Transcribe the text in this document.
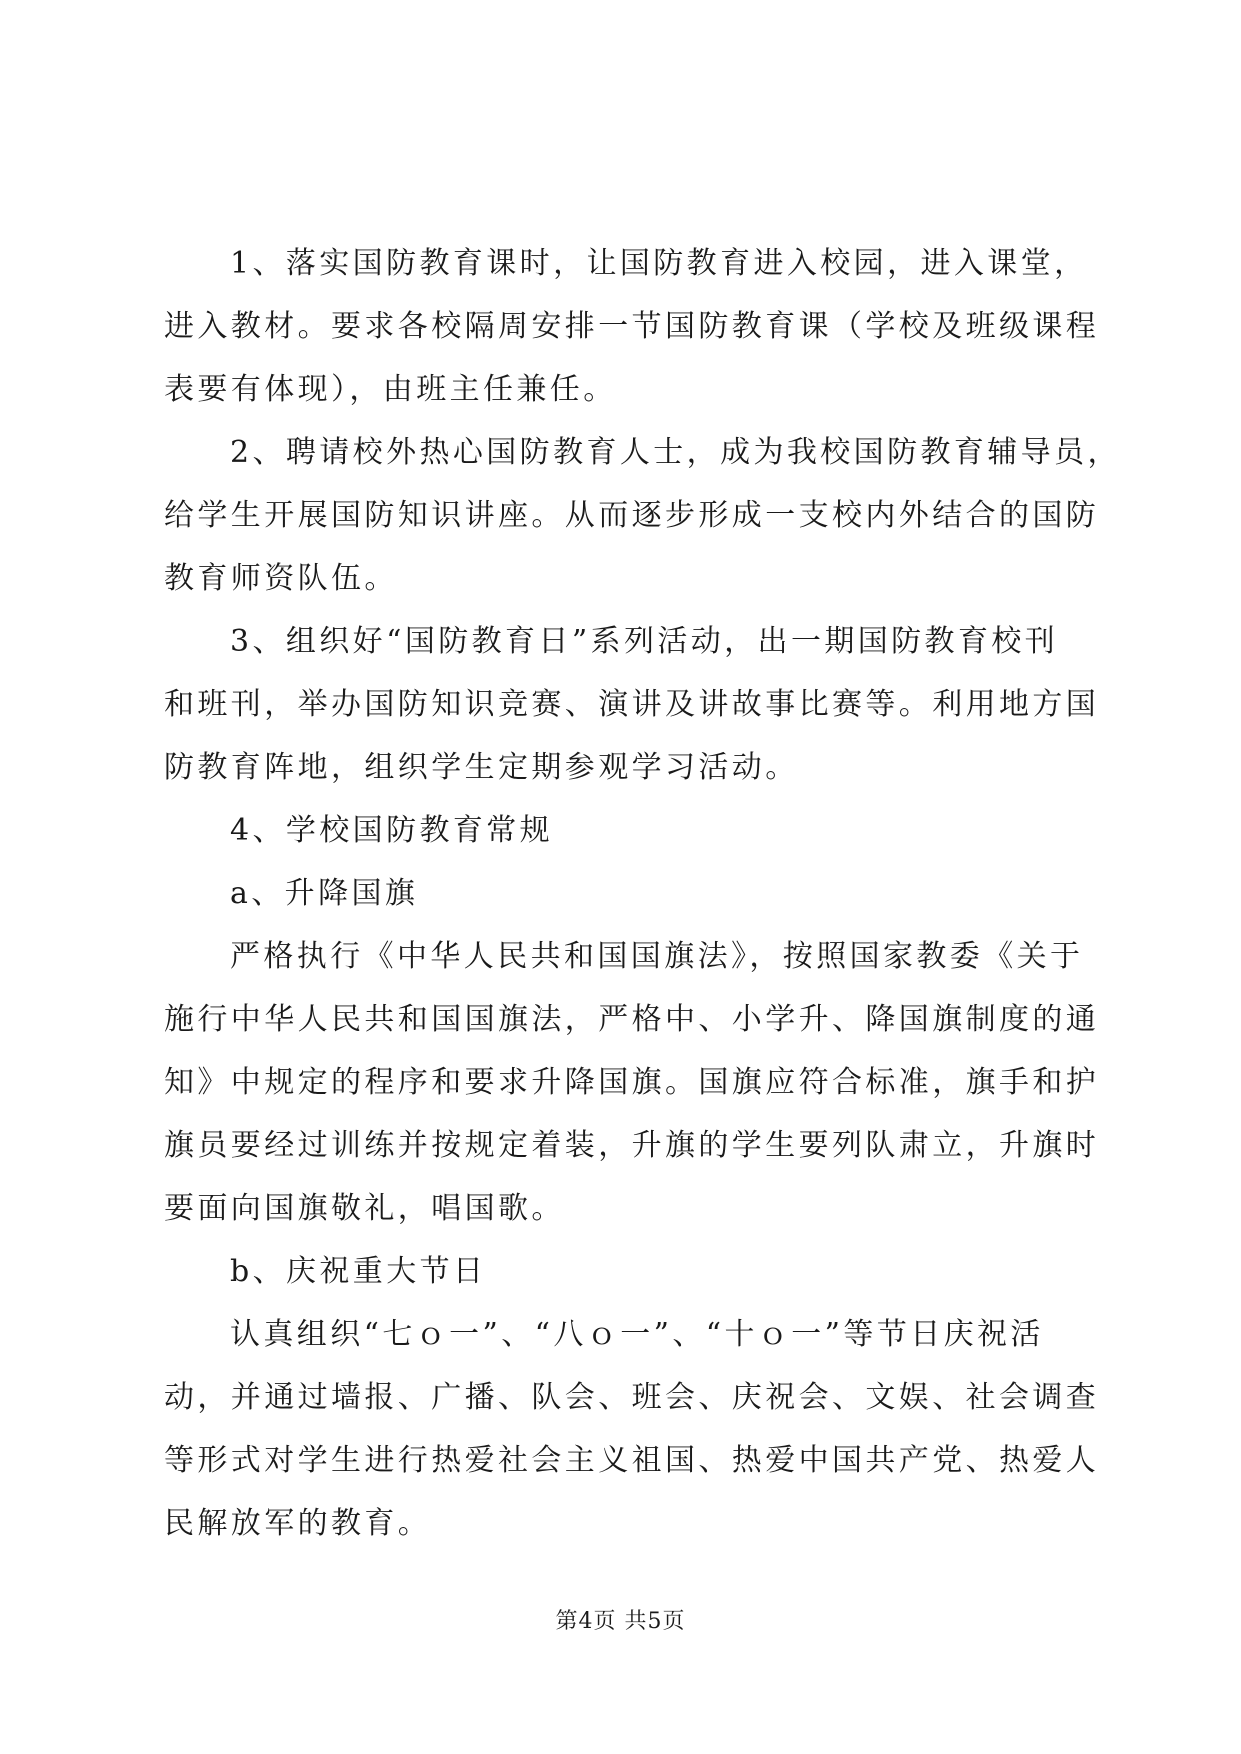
1、落实国防教育课时，让国防教育进入校园，进入课堂，

进入教材。要求各校隔周安排一节国防教育课（学校及班级课程

表要有体现），由班主任兼任。

2、聘请校外热心国防教育人士，成为我校国防教育辅导员，

给学生开展国防知识讲座。从而逐步形成一支校内外结合的国防

教育师资队伍。

3、组织好“国防教育日”系列活动，出一期国防教育校刊

和班刊，举办国防知识竞赛、演讲及讲故事比赛等。利用地方国

防教育阵地，组织学生定期参观学习活动。

4、学校国防教育常规

a、升降国旗

严格执行《中华人民共和国国旗法》，按照国家教委《关于

施行中华人民共和国国旗法，严格中、小学升、降国旗制度的通

知》中规定的程序和要求升降国旗。国旗应符合标准，旗手和护

旗员要经过训练并按规定着装，升旗的学生要列队肃立，升旗时

要面向国旗敬礼，唱国歌。

b、庆祝重大节日

认真组织“七ｏ一”、“八ｏ一”、“十ｏ一”等节日庆祝活

动，并通过墙报、广播、队会、班会、庆祝会、文娱、社会调查

等形式对学生进行热爱社会主义祖国、热爱中国共产党、热爱人

民解放军的教育。

第4页 共5页
